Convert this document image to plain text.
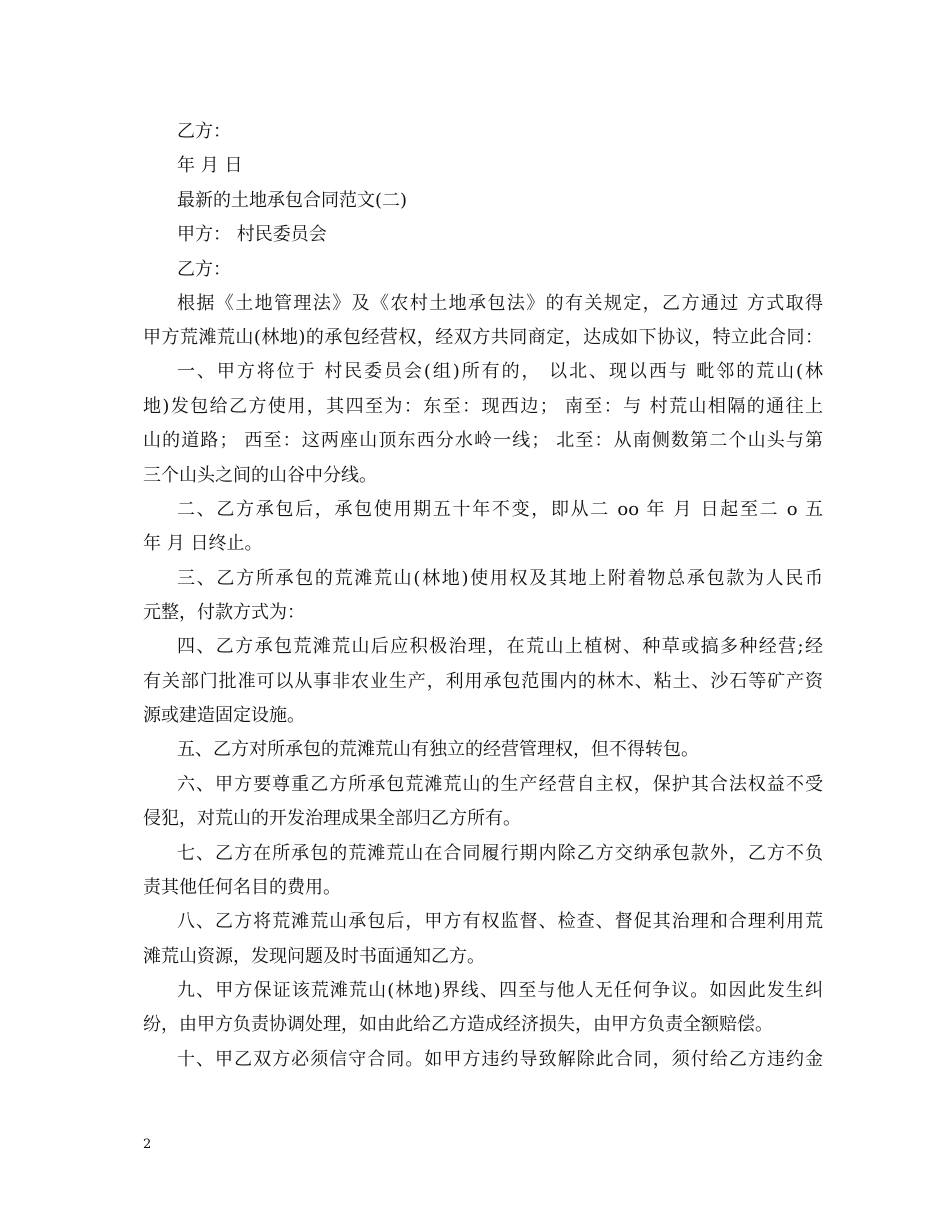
乙方：
年 月 日
最新的土地承包合同范文(二)
甲方： 村民委员会
乙方：
根据《土地管理法》及《农村土地承包法》的有关规定，乙方通过 方式取得
甲方荒滩荒山(林地)的承包经营权，经双方共同商定，达成如下协议，特立此合同：
一、甲方将位于 村民委员会(组)所有的， 以北、现以西与 毗邻的荒山(林
地)发包给乙方使用，其四至为：东至：现西边； 南至：与 村荒山相隔的通往上
山的道路； 西至：这两座山顶东西分水岭一线； 北至：从南侧数第二个山头与第
三个山头之间的山谷中分线。
二、乙方承包后，承包使用期五十年不变，即从二 oo 年 月 日起至二 o 五
年 月 日终止。
三、乙方所承包的荒滩荒山(林地)使用权及其地上附着物总承包款为人民币
元整，付款方式为：
四、乙方承包荒滩荒山后应积极治理，在荒山上植树、种草或搞多种经营;经
有关部门批准可以从事非农业生产，利用承包范围内的林木、粘土、沙石等矿产资
源或建造固定设施。
五、乙方对所承包的荒滩荒山有独立的经营管理权，但不得转包。
六、甲方要尊重乙方所承包荒滩荒山的生产经营自主权，保护其合法权益不受
侵犯，对荒山的开发治理成果全部归乙方所有。
七、乙方在所承包的荒滩荒山在合同履行期内除乙方交纳承包款外，乙方不负
责其他任何名目的费用。
八、乙方将荒滩荒山承包后，甲方有权监督、检查、督促其治理和合理利用荒
滩荒山资源，发现问题及时书面通知乙方。
九、甲方保证该荒滩荒山(林地)界线、四至与他人无任何争议。如因此发生纠
纷，由甲方负责协调处理，如由此给乙方造成经济损失，由甲方负责全额赔偿。
十、甲乙双方必须信守合同。如甲方违约导致解除此合同，须付给乙方违约金
2
